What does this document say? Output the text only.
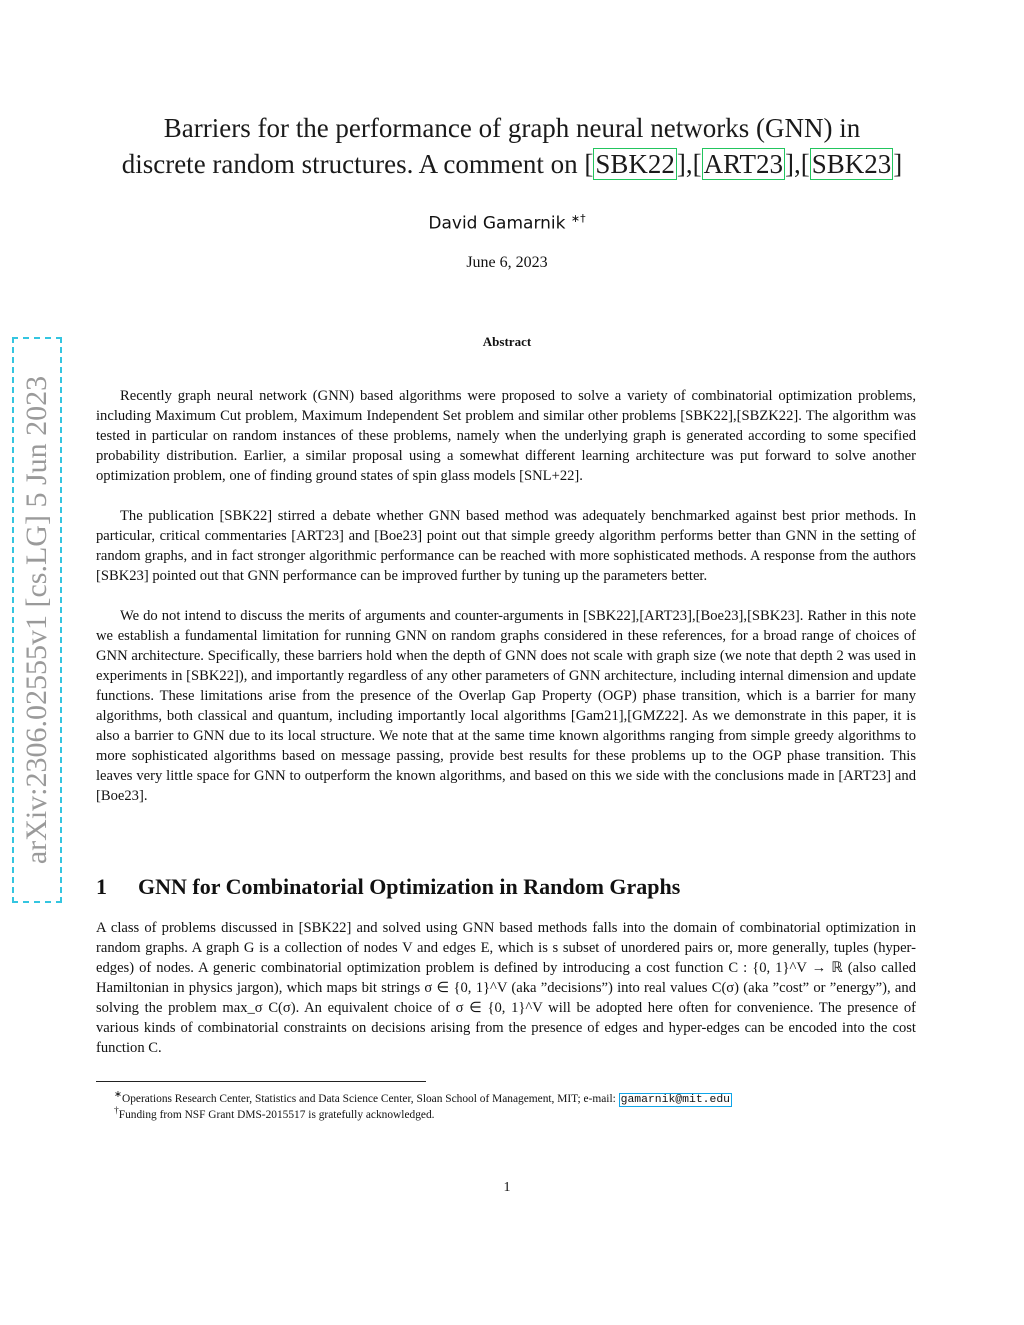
arXiv:2306.02555v1 [cs.LG] 5 Jun 2023
Barriers for the performance of graph neural networks (GNN) in
discrete random structures. A comment on [SBK22],[ART23],[SBK23]
David Gamarnik ∗†
June 6, 2023
Abstract
Recently graph neural network (GNN) based algorithms were proposed to solve a variety of combinatorial optimization problems, including Maximum Cut problem, Maximum Independent Set problem and similar other problems [SBK22],[SBZK22]. The algorithm was tested in particular on random instances of these problems, namely when the underlying graph is generated according to some specified probability distribution. Earlier, a similar proposal using a somewhat different learning architecture was put forward to solve another optimization problem, one of finding ground states of spin glass models [SNL+22].
The publication [SBK22] stirred a debate whether GNN based method was adequately benchmarked against best prior methods. In particular, critical commentaries [ART23] and [Boe23] point out that simple greedy algorithm performs better than GNN in the setting of random graphs, and in fact stronger algorithmic performance can be reached with more sophisticated methods. A response from the authors [SBK23] pointed out that GNN performance can be improved further by tuning up the parameters better.
We do not intend to discuss the merits of arguments and counter-arguments in [SBK22],[ART23],[Boe23],[SBK23]. Rather in this note we establish a fundamental limitation for running GNN on random graphs considered in these references, for a broad range of choices of GNN architecture. Specifically, these barriers hold when the depth of GNN does not scale with graph size (we note that depth 2 was used in experiments in [SBK22]), and importantly regardless of any other parameters of GNN architecture, including internal dimension and update functions. These limitations arise from the presence of the Overlap Gap Property (OGP) phase transition, which is a barrier for many algorithms, both classical and quantum, including importantly local algorithms [Gam21],[GMZ22]. As we demonstrate in this paper, it is also a barrier to GNN due to its local structure. We note that at the same time known algorithms ranging from simple greedy algorithms to more sophisticated algorithms based on message passing, provide best results for these problems up to the OGP phase transition. This leaves very little space for GNN to outperform the known algorithms, and based on this we side with the conclusions made in [ART23] and [Boe23].
1 GNN for Combinatorial Optimization in Random Graphs
A class of problems discussed in [SBK22] and solved using GNN based methods falls into the domain of combinatorial optimization in random graphs. A graph G is a collection of nodes V and edges E, which is s subset of unordered pairs or, more generally, tuples (hyper-edges) of nodes. A generic combinatorial optimization problem is defined by introducing a cost function C : {0, 1}^V → ℝ (also called Hamiltonian in physics jargon), which maps bit strings σ ∈ {0, 1}^V (aka ”decisions”) into real values C(σ) (aka ”cost” or ”energy”), and solving the problem max_σ C(σ). An equivalent choice of σ ∈ {0, 1}^V will be adopted here often for convenience. The presence of various kinds of combinatorial constraints on decisions arising from the presence of edges and hyper-edges can be encoded into the cost function C.
∗Operations Research Center, Statistics and Data Science Center, Sloan School of Management, MIT; e-mail: gamarnik@mit.edu
†Funding from NSF Grant DMS-2015517 is gratefully acknowledged.
1
